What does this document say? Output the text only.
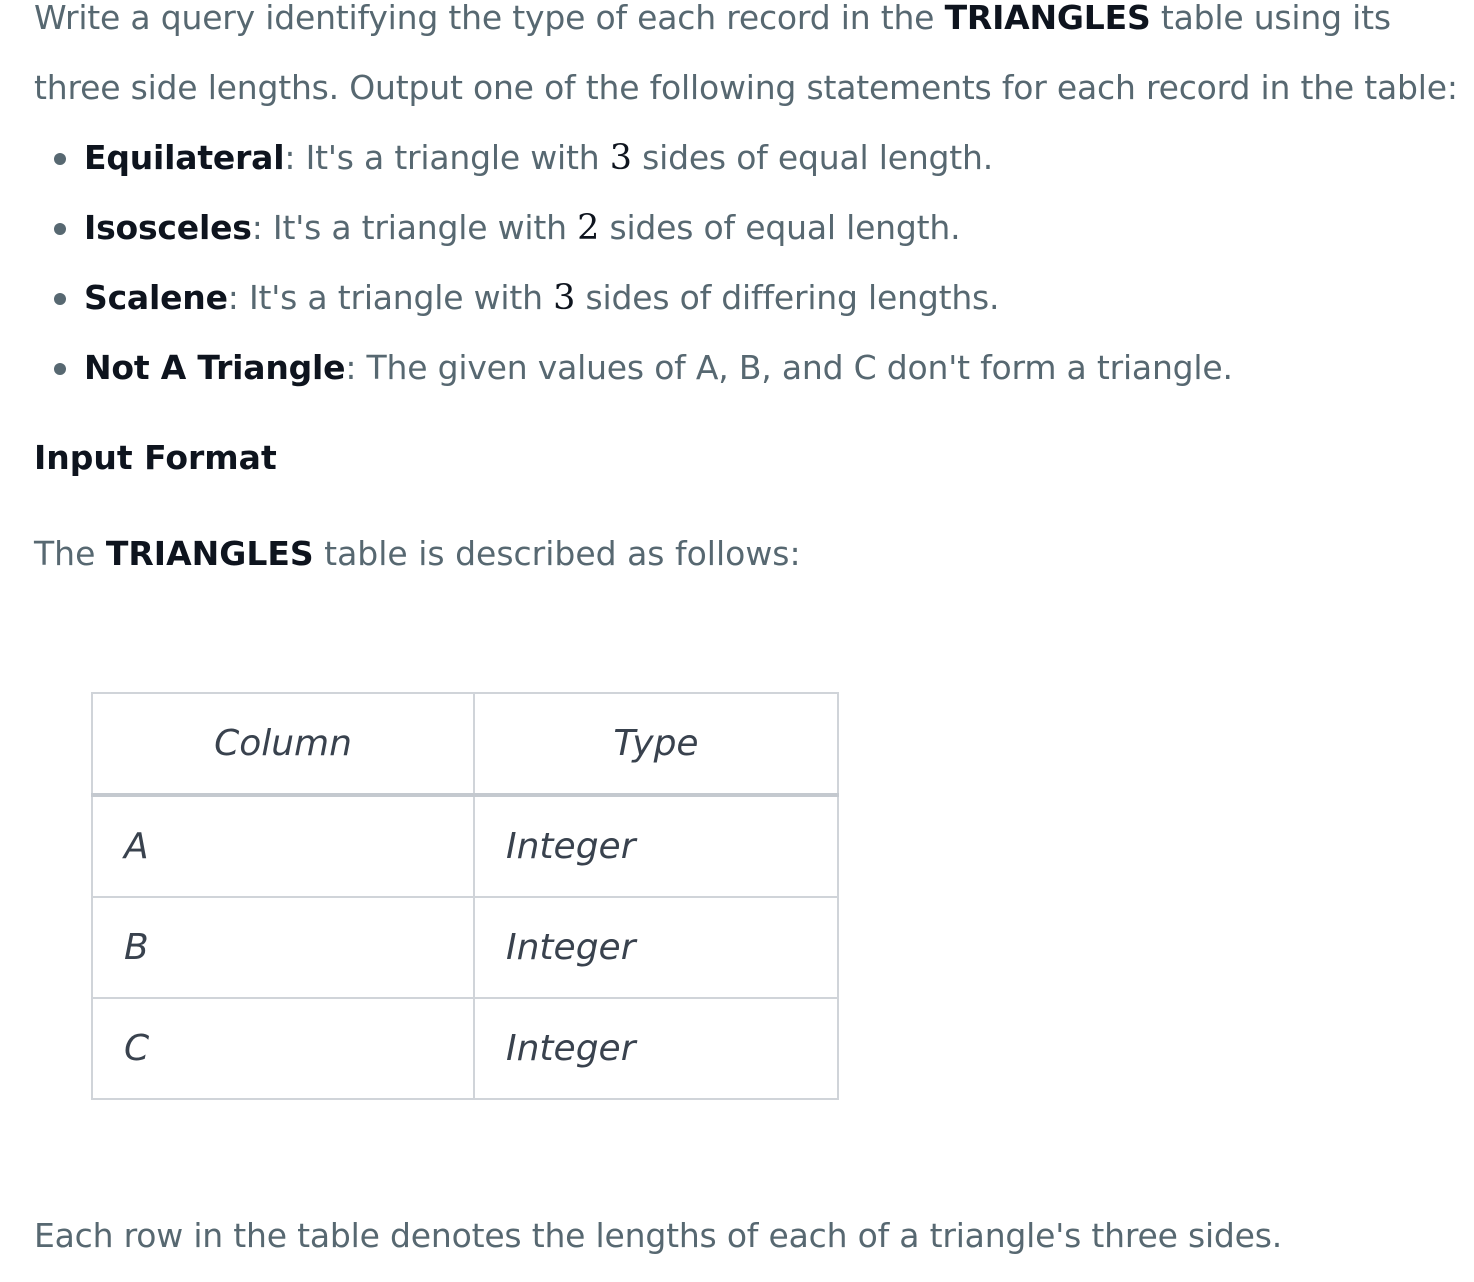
Write a query identifying the type of each record in the TRIANGLES table using its three side lengths. Output one of the following statements for each record in the table:

Equilateral: It's a triangle with 3 sides of equal length.
Isosceles: It's a triangle with 2 sides of equal length.
Scalene: It's a triangle with 3 sides of differing lengths.
Not A Triangle: The given values of A, B, and C don't form a triangle.
Input Format

The TRIANGLES table is described as follows:

Column	Type
A	Integer
B	Integer
C	Integer

Each row in the table denotes the lengths of each of a triangle's three sides.
